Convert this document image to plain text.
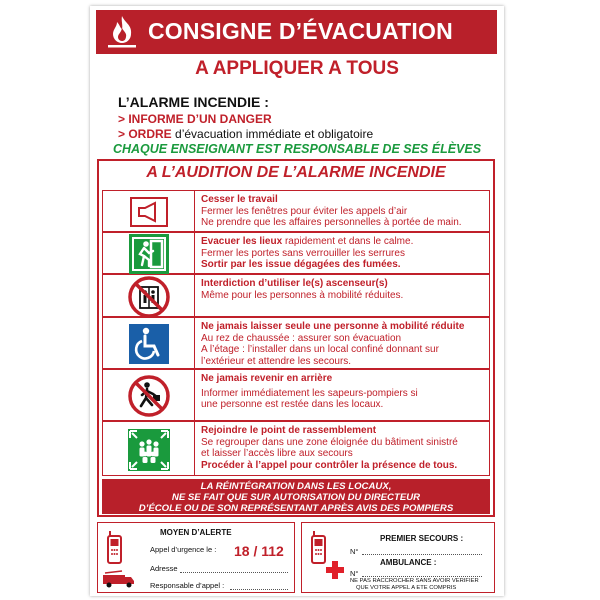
CONSIGNE D’ÉVACUATION
A APPLIQUER A TOUS
L’ALARME INCENDIE :
> INFORME D’UN DANGER
> ORDRE d’évacuation immédiate et obligatoire
CHAQUE ENSEIGNANT EST RESPONSABLE DE SES ÉLÈVES
A L’AUDITION DE L’ALARME INCENDIE
Cesser le travail
Fermer les fenêtres pour éviter les appels d’air
Ne prendre que les affaires personnelles à portée de main.
Evacuer les lieux rapidement et dans le calme.
Fermer les portes sans verrouiller les serrures
Sortir par les issue dégagées des fumées.
Interdiction d’utiliser le(s) ascenseur(s)
Même pour les personnes à mobilité réduites.
Ne jamais laisser seule une personne à mobilité réduite
Au rez de chaussée : assurer son évacuation
A l’étage : l’installer dans un local confiné donnant sur
l’extérieur et attendre les secours.
Ne jamais revenir en arrière
Informer immédiatement les sapeurs-pompiers si
une personne est restée dans les locaux.
Rejoindre le point de rassemblement
Se regrouper dans une zone éloignée du bâtiment sinistré
et laisser l’accès libre aux secours
Procéder à l’appel pour contrôler la présence de tous.
LA RÉINTÉGRATION DANS LES LOCAUX,
NE SE FAIT QUE SUR AUTORISATION DU DIRECTEUR
D’ÉCOLE OU DE SON REPRÉSENTANT APRÈS AVIS DES POMPIERS
MOYEN D’ALERTE
Appel d’urgence le : 18 / 112
Adresse
Responsable d’appel :
PREMIER SECOURS :
N°
AMBULANCE :
N°
NE PAS RACCROCHER SANS AVOIR VERIFIER
QUE VOTRE APPEL A ETE COMPRIS
